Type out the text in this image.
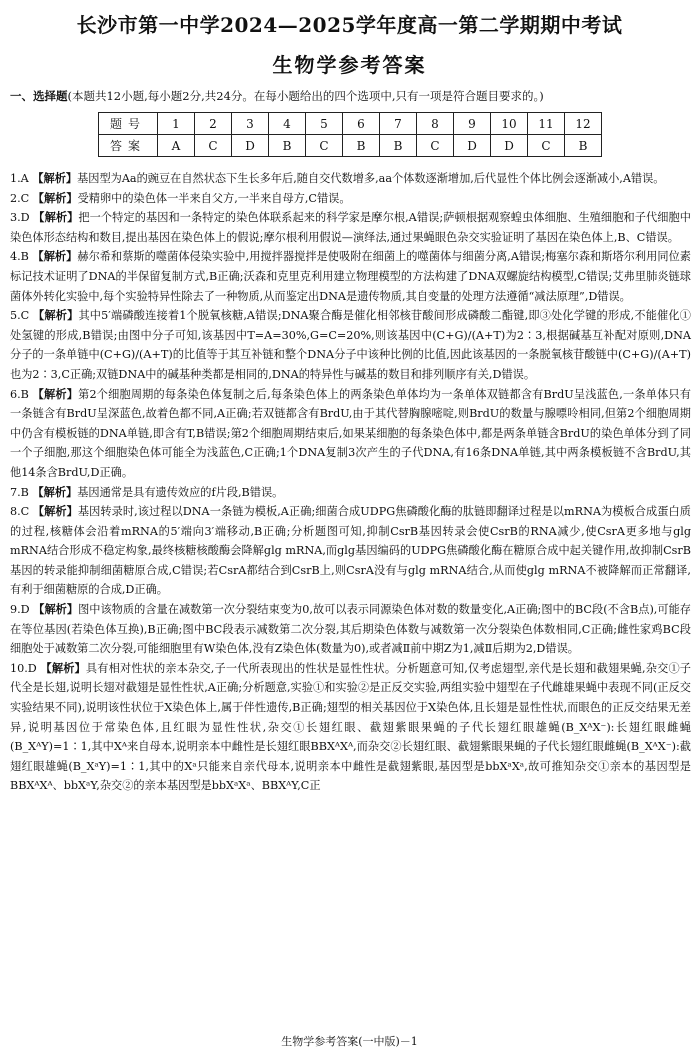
长沙市第一中学2024—2025学年度高一第二学期期中考试
生物学参考答案
一、选择题(本题共12小题,每小题2分,共24分。在每小题给出的四个选项中,只有一项是符合题目要求的。)
题号	1	2	3	4	5	6	7	8	9	10	11	12
答案	A	C	D	B	C	B	B	C	D	D	C	B

1.A 【解析】基因型为Aa的豌豆在自然状态下生长多年后,随自交代数增多,aa个体数逐渐增加,后代显性个体比例会逐渐减小,A错误。

2.C 【解析】受精卵中的染色体一半来自父方,一半来自母方,C错误。

3.D 【解析】把一个特定的基因和一条特定的染色体联系起来的科学家是摩尔根,A错误;萨顿根据观察蝗虫体细胞、生殖细胞和子代细胞中染色体形态结构和数目,提出基因在染色体上的假说;摩尔根利用假说—演绎法,通过果蝇眼色杂交实验证明了基因在染色体上,B、C错误。

4.B 【解析】赫尔希和蔡斯的噬菌体侵染实验中,用搅拌器搅拌是使吸附在细菌上的噬菌体与细菌分离,A错误;梅塞尔森和斯塔尔利用同位素标记技术证明了DNA的半保留复制方式,B正确;沃森和克里克利用建立物理模型的方法构建了DNA双螺旋结构模型,C错误;艾弗里肺炎链球菌体外转化实验中,每个实验特异性除去了一种物质,从而鉴定出DNA是遗传物质,其自变量的处理方法遵循“减法原理”,D错误。

5.C 【解析】其中5′端磷酸连接着1个脱氧核糖,A错误;DNA聚合酶是催化相邻核苷酸间形成磷酸二酯键,即③处化学键的形成,不能催化①处氢键的形成,B错误;由图中分子可知,该基因中T=A=30%,G=C=20%,则该基因中(C+G)/(A+T)为2∶3,根据碱基互补配对原则,DNA分子的一条单链中(C+G)/(A+T)的比值等于其互补链和整个DNA分子中该种比例的比值,因此该基因的一条脱氧核苷酸链中(C+G)/(A+T)也为2∶3,C正确;双链DNA中的碱基种类都是相同的,DNA的特异性与碱基的数目和排列顺序有关,D错误。

6.B 【解析】第2个细胞周期的每条染色体复制之后,每条染色体上的两条染色单体均为一条单体双链都含有BrdU呈浅蓝色,一条单体只有一条链含有BrdU呈深蓝色,故着色都不同,A正确;若双链都含有BrdU,由于其代替胸腺嘧啶,则BrdU的数量与腺嘌呤相同,但第2个细胞周期中仍含有模板链的DNA单链,即含有T,B错误;第2个细胞周期结束后,如果某细胞的每条染色体中,都是两条单链含BrdU的染色单体分到了同一个子细胞,那这个细胞染色体可能全为浅蓝色,C正确;1个DNA复制3次产生的子代DNA,有16条DNA单链,其中两条模板链不含BrdU,其他14条含BrdU,D正确。

7.B 【解析】基因通常是具有遗传效应的f片段,B错误。

8.C 【解析】基因转录时,该过程以DNA一条链为模板,A正确;细菌合成UDPG焦磷酸化酶的肽链即翻译过程是以mRNA为模板合成蛋白质的过程,核糖体会沿着mRNA的5′端向3′端移动,B正确;分析题图可知,抑制CsrB基因转录会使CsrB的RNA减少,使CsrA更多地与glg mRNA结合形成不稳定构象,最终核糖核酸酶会降解glg mRNA,而glg基因编码的UDPG焦磷酸化酶在糖原合成中起关键作用,故抑制CsrB基因的转录能抑制细菌糖原合成,C错误;若CsrA都结合到CsrB上,则CsrA没有与glg mRNA结合,从而使glg mRNA不被降解而正常翻译,有利于细菌糖原的合成,D正确。

9.D 【解析】图中该物质的含量在减数第一次分裂结束变为0,故可以表示同源染色体对数的数量变化,A正确;图中的BC段(不含B点),可能存在等位基因(若染色体互换),B正确;图中BC段表示减数第二次分裂,其后期染色体数与减数第一次分裂染色体数相同,C正确;雌性家鸡BC段细胞处于减数第二次分裂,可能细胞里有W染色体,没有Z染色体(数量为0),或者减Ⅱ前中期Z为1,减Ⅱ后期为2,D错误。

10.D 【解析】具有相对性状的亲本杂交,子一代所表现出的性状是显性性状。分析题意可知,仅考虑翅型,亲代是长翅和截翅果蝇,杂交①子代全是长翅,说明长翅对截翅是显性性状,A正确;分析题意,实验①和实验②是正反交实验,两组实验中翅型在子代雌雄果蝇中表现不同(正反交实验结果不同),说明该性状位于X染色体上,属于伴性遗传,B正确;翅型的相关基因位于X染色体,且长翅是显性性状,而眼色的正反交结果无差异,说明基因位于常染色体,且红眼为显性性状,杂交①长翅红眼、截翅紫眼果蝇的子代长翅红眼雄蝇(B_XᴬX⁻):长翅红眼雌蝇(B_XᴬY)=1∶1,其中Xᴬ来自母本,说明亲本中雌性是长翅红眼BBXᴬXᴬ,而杂交②长翅红眼、截翅紫眼果蝇的子代长翅红眼雌蝇(B_XᴬX⁻):截翅红眼雄蝇(B_XᵃY)=1∶1,其中的Xᵃ只能来自亲代母本,说明亲本中雌性是截翅紫眼,基因型是bbXᵃXᵃ,故可推知杂交①亲本的基因型是BBXᴬXᴬ、bbXᵃY,杂交②的亲本基因型是bbXᵃXᵃ、BBXᴬY,C正

生物学参考答案(一中版)－1
